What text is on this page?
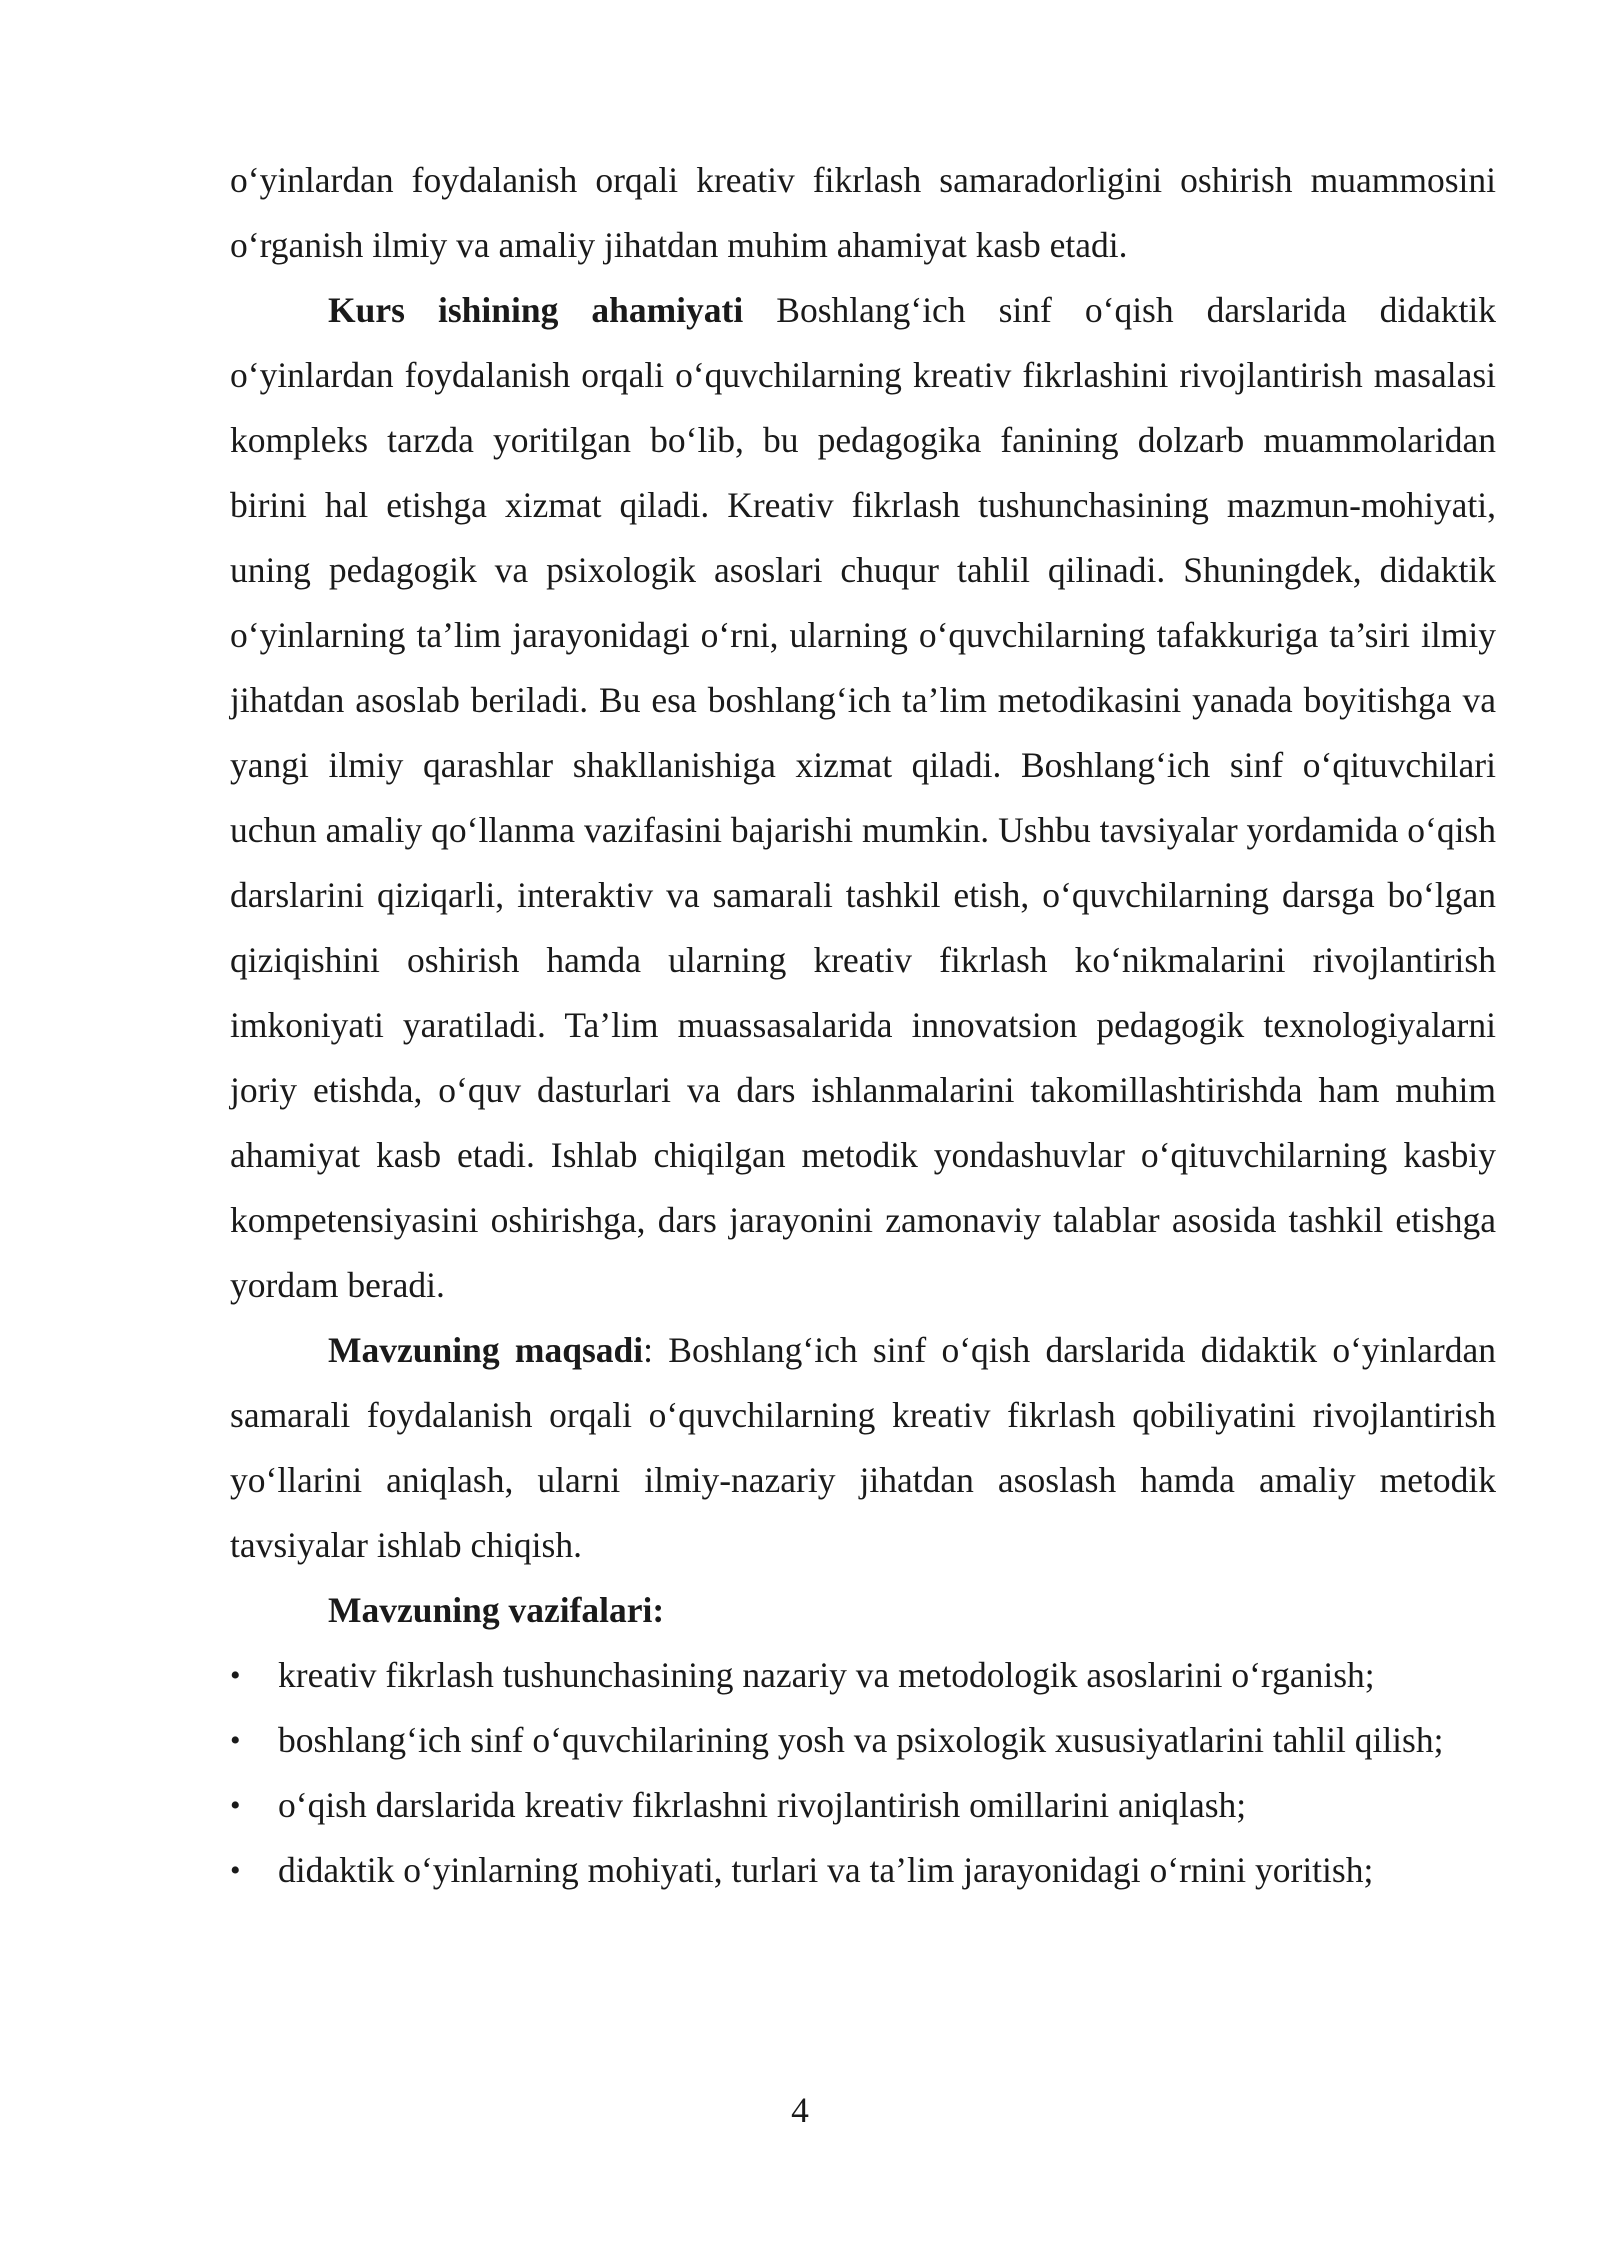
o‘yinlardan foydalanish orqali kreativ fikrlash samaradorligini oshirish muammosini o‘rganish ilmiy va amaliy jihatdan muhim ahamiyat kasb etadi.

Kurs ishining ahamiyati Boshlang‘ich sinf o‘qish darslarida didaktik o‘yinlardan foydalanish orqali o‘quvchilarning kreativ fikrlashini rivojlantirish masalasi kompleks tarzda yoritilgan bo‘lib, bu pedagogika fanining dolzarb muammolaridan birini hal etishga xizmat qiladi. Kreativ fikrlash tushunchasining mazmun-mohiyati, uning pedagogik va psixologik asoslari chuqur tahlil qilinadi. Shuningdek, didaktik o‘yinlarning ta’lim jarayonidagi o‘rni, ularning o‘quvchilarning tafakkuriga ta’siri ilmiy jihatdan asoslab beriladi. Bu esa boshlang‘ich ta’lim metodikasini yanada boyitishga va yangi ilmiy qarashlar shakllanishiga xizmat qiladi. Boshlang‘ich sinf o‘qituvchilari uchun amaliy qo‘llanma vazifasini bajarishi mumkin. Ushbu tavsiyalar yordamida o‘qish darslarini qiziqarli, interaktiv va samarali tashkil etish, o‘quvchilarning darsga bo‘lgan qiziqishini oshirish hamda ularning kreativ fikrlash ko‘nikmalarini rivojlantirish imkoniyati yaratiladi. Ta’lim muassasalarida innovatsion pedagogik texnologiyalarni joriy etishda, o‘quv dasturlari va dars ishlanmalarini takomillashtirishda ham muhim ahamiyat kasb etadi. Ishlab chiqilgan metodik yondashuvlar o‘qituvchilarning kasbiy kompetensiyasini oshirishga, dars jarayonini zamonaviy talablar asosida tashkil etishga yordam beradi.

Mavzuning maqsadi: Boshlang‘ich sinf o‘qish darslarida didaktik o‘yinlardan samarali foydalanish orqali o‘quvchilarning kreativ fikrlash qobiliyatini rivojlantirish yo‘llarini aniqlash, ularni ilmiy-nazariy jihatdan asoslash hamda amaliy metodik tavsiyalar ishlab chiqish.

Mavzuning vazifalari:

• kreativ fikrlash tushunchasining nazariy va metodologik asoslarini o‘rganish;
• boshlang‘ich sinf o‘quvchilarining yosh va psixologik xususiyatlarini tahlil qilish;
• o‘qish darslarida kreativ fikrlashni rivojlantirish omillarini aniqlash;
• didaktik o‘yinlarning mohiyati, turlari va ta’lim jarayonidagi o‘rnini yoritish;
4
